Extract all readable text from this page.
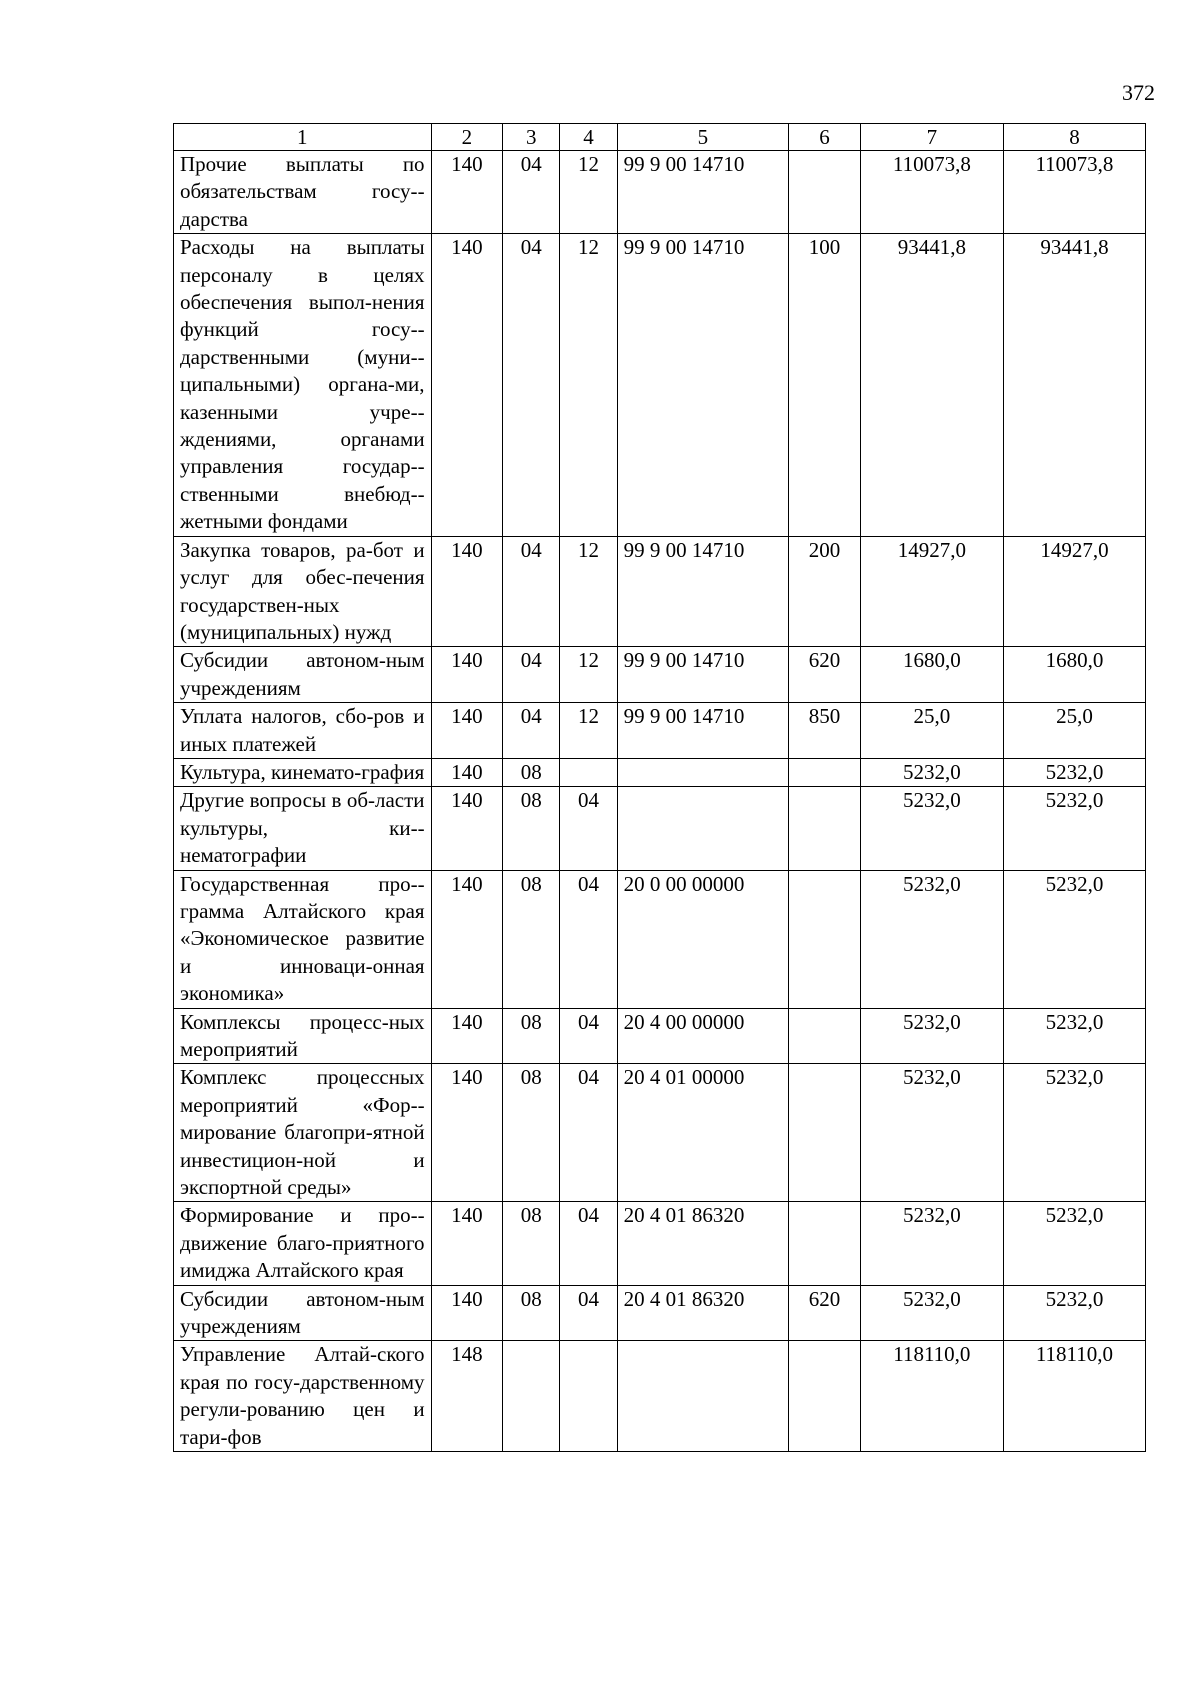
372
1	2	3	4	5	6	7	8
Прочие выплаты по обязательствам госу-дарства	140	04	12	99 9 00 14710		110073,8	110073,8
Расходы на выплаты персоналу в целях обеспечения выпол-нения функций госу-дарственными (муни-ципальными) органа-ми, казенными учре-ждениями, органами управления государ-ственными внебюд-жетными фондами	140	04	12	99 9 00 14710	100	93441,8	93441,8
Закупка товаров, ра-бот и услуг для обес-печения государствен-ных (муниципальных) нужд	140	04	12	99 9 00 14710	200	14927,0	14927,0
Субсидии автоном-ным учреждениям	140	04	12	99 9 00 14710	620	1680,0	1680,0
Уплата налогов, сбо-ров и иных платежей	140	04	12	99 9 00 14710	850	25,0	25,0
Культура, кинемато-графия	140	08				5232,0	5232,0
Другие вопросы в об-ласти культуры, ки-нематографии	140	08	04			5232,0	5232,0
Государственная про-грамма Алтайского края «Экономическое развитие и инноваци-онная экономика»	140	08	04	20 0 00 00000		5232,0	5232,0
Комплексы процесс-ных мероприятий	140	08	04	20 4 00 00000		5232,0	5232,0
Комплекс процессных мероприятий «Фор-мирование благопри-ятной инвестицион-ной и экспортной среды»	140	08	04	20 4 01 00000		5232,0	5232,0
Формирование и про-движение благо-приятного имиджа Алтайского края	140	08	04	20 4 01 86320		5232,0	5232,0
Субсидии автоном-ным учреждениям	140	08	04	20 4 01 86320	620	5232,0	5232,0
Управление Алтай-ского края по госу-дарственному регули-рованию цен и тари-фов	148					118110,0	118110,0
